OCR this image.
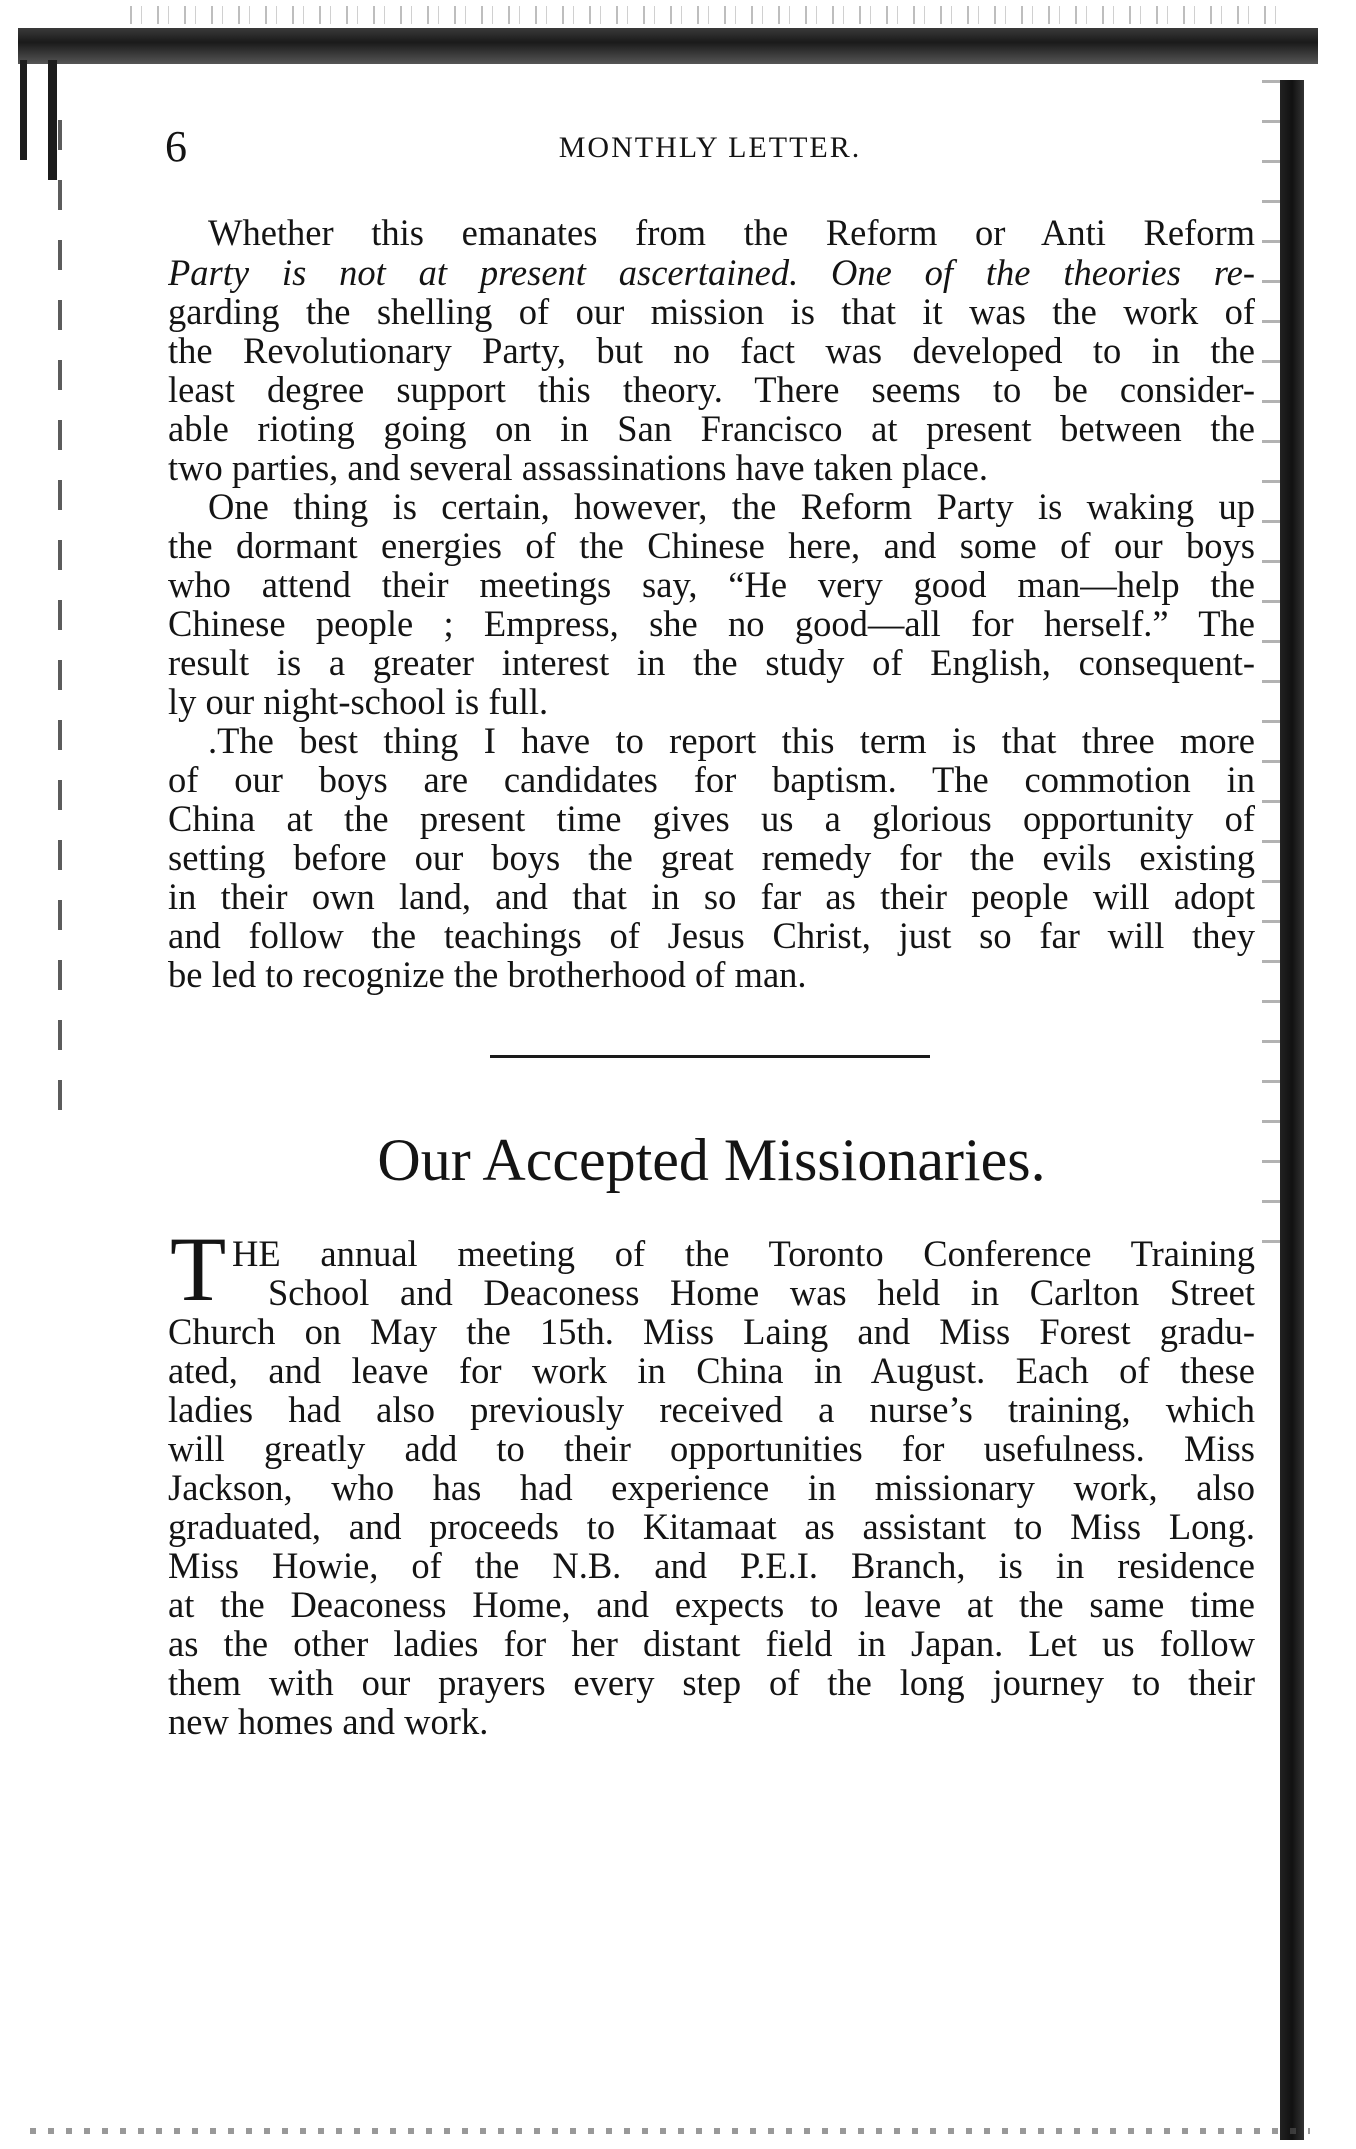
6	MONTHLY LETTER.
Whether this emanates from the Reform or Anti Reform
Party is not at present ascertained. One of the theories re-
garding the shelling of our mission is that it was the work of
the Revolutionary Party, but no fact was developed to in the
least degree support this theory. There seems to be consider-
able rioting going on in San Francisco at present between the
two parties, and several assassinations have taken place.
One thing is certain, however, the Reform Party is waking up
the dormant energies of the Chinese here, and some of our boys
who attend their meetings say, “He very good man—help the
Chinese people ; Empress, she no good—all for herself.” The
result is a greater interest in the study of English, consequent-
ly our night-school is full.
.The best thing I have to report this term is that three more
of our boys are candidates for baptism. The commotion in
China at the present time gives us a glorious opportunity of
setting before our boys the great remedy for the evils existing
in their own land, and that in so far as their people will adopt
and follow the teachings of Jesus Christ, just so far will they
be led to recognize the brotherhood of man.
Our Accepted Missionaries.
T HE annual meeting of the Toronto Conference Training
School and Deaconess Home was held in Carlton Street
Church on May the 15th. Miss Laing and Miss Forest gradu-
ated, and leave for work in China in August. Each of these
ladies had also previously received a nurse’s training, which
will greatly add to their opportunities for usefulness. Miss
Jackson, who has had experience in missionary work, also
graduated, and proceeds to Kitamaat as assistant to Miss Long.
Miss Howie, of the N.B. and P.E.I. Branch, is in residence
at the Deaconess Home, and expects to leave at the same time
as the other ladies for her distant field in Japan. Let us follow
them with our prayers every step of the long journey to their
new homes and work.
